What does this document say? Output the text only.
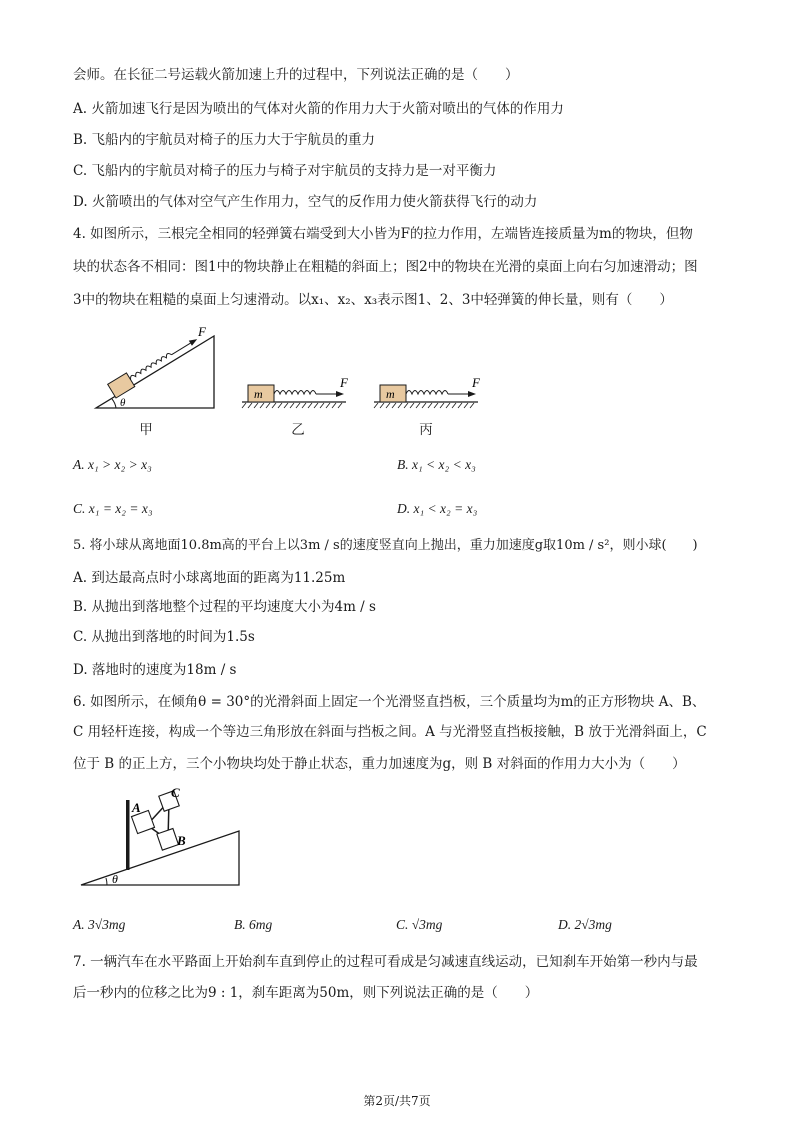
会师。在长征二号运载火箭加速上升的过程中，下列说法正确的是（　　）
A. 火箭加速飞行是因为喷出的气体对火箭的作用力大于火箭对喷出的气体的作用力
B. 飞船内的宇航员对椅子的压力大于宇航员的重力
C. 飞船内的宇航员对椅子的压力与椅子对宇航员的支持力是一对平衡力
D. 火箭喷出的气体对空气产生作用力，空气的反作用力使火箭获得飞行的动力
4. 如图所示，三根完全相同的轻弹簧右端受到大小皆为F的拉力作用，左端皆连接质量为m的物块，但物
块的状态各不相同：图1中的物块静止在粗糙的斜面上；图2中的物块在光滑的桌面上向右匀加速滑动；图
3中的物块在粗糙的桌面上匀速滑动。以x₁、x₂、x₃表示图1、2、3中轻弹簧的伸长量，则有（　　）
F
θ
甲
m
F
乙
m
F
丙
A. x₁ > x₂ > x₃	B. x₁ < x₂ < x₃
C. x₁ = x₂ = x₃	D. x₁ < x₂ = x₃
5. 将小球从离地面10.8m高的平台上以3m / s的速度竖直向上抛出，重力加速度g取10m / s²，则小球(　　)
A. 到达最高点时小球离地面的距离为11.25m
B. 从抛出到落地整个过程的平均速度大小为4m / s
C. 从抛出到落地的时间为1.5s
D. 落地时的速度为18m / s
6. 如图所示，在倾角θ = 30°的光滑斜面上固定一个光滑竖直挡板，三个质量均为m的正方形物块 A、B、
C 用轻杆连接，构成一个等边三角形放在斜面与挡板之间。A 与光滑竖直挡板接触，B 放于光滑斜面上，C
位于 B 的正上方，三个小物块均处于静止状态，重力加速度为g，则 B 对斜面的作用力大小为（　　）
A
B
C
θ
A. 3√3mg	B. 6mg	C. √3mg	D. 2√3mg
7. 一辆汽车在水平路面上开始刹车直到停止的过程可看成是匀减速直线运动，已知刹车开始第一秒内与最
后一秒内的位移之比为9 : 1，刹车距离为50m，则下列说法正确的是（　　）
第2页/共7页
